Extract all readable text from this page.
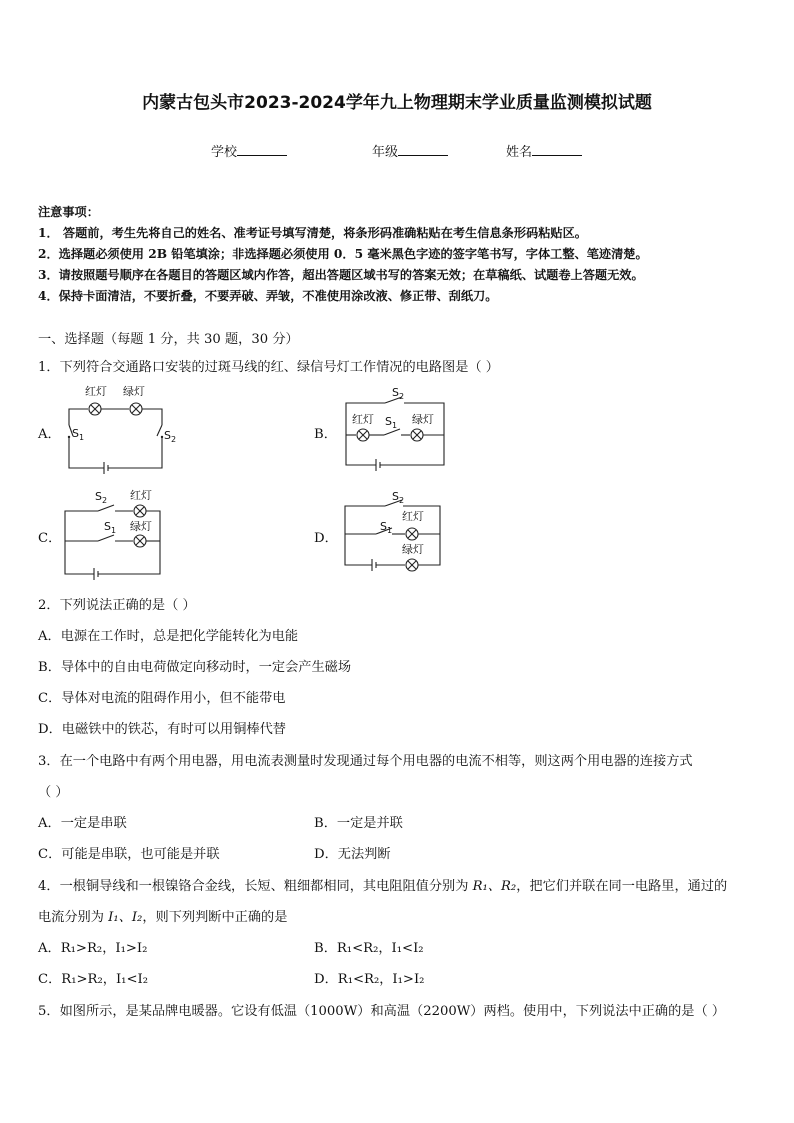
内蒙古包头市2023-2024学年九上物理期末学业质量监测模拟试题
学校	年级	姓名
注意事项：
1． 答题前，考生先将自己的姓名、准考证号填写清楚，将条形码准确粘贴在考生信息条形码粘贴区。
2．选择题必须使用 2B 铅笔填涂；非选择题必须使用 0．5 毫米黑色字迹的签字笔书写，字体工整、笔迹清楚。
3．请按照题号顺序在各题目的答题区域内作答，超出答题区域书写的答案无效；在草稿纸、试题卷上答题无效。
4．保持卡面清洁，不要折叠，不要弄破、弄皱，不准使用涂改液、修正带、刮纸刀。
一、选择题（每题 1 分，共 30 题，30 分）
1．下列符合交通路口安装的过斑马线的红、绿信号灯工作情况的电路图是（ ）
A．	B．
C．	D．
红灯 绿灯
$S_1$	$S_2$
$S_2$
红灯	绿灯
$S_1$
$S_2$ 红灯
$S_1$ 绿灯
$S_2$
红灯
$S_1$
绿灯
2．下列说法正确的是（ ）
A．电源在工作时，总是把化学能转化为电能
B．导体中的自由电荷做定向移动时，一定会产生磁场
C．导体对电流的阻碍作用小，但不能带电
D．电磁铁中的铁芯，有时可以用铜棒代替
3．在一个电路中有两个用电器，用电流表测量时发现通过每个用电器的电流不相等，则这两个用电器的连接方式
（ ）
A．一定是串联	B．一定是并联
C．可能是串联，也可能是并联	D．无法判断
4．一根铜导线和一根镍铬合金线，长短、粗细都相同，其电阻阻值分别为 R₁、R₂，把它们并联在同一电路里，通过的
电流分别为 I₁、I₂，则下列判断中正确的是
A．R₁>R₂，I₁>I₂	B．R₁<R₂，I₁<I₂
C．R₁>R₂，I₁<I₂	D．R₁<R₂，I₁>I₂
5．如图所示，是某品牌电暖器。它设有低温（1000W）和高温（2200W）两档。使用中，下列说法中正确的是（ ）
